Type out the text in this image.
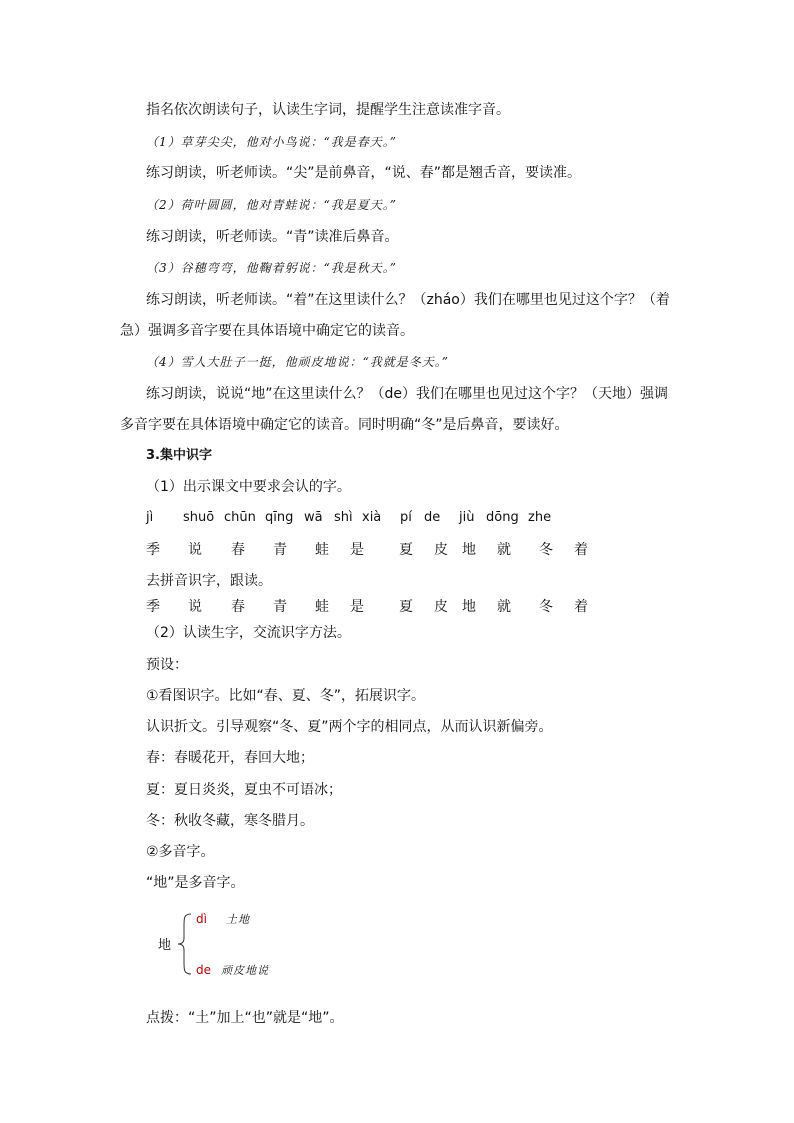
指名依次朗读句子，认读生字词，提醒学生注意读准字音。
（1）草芽尖尖，他对小鸟说：“我是春天。”
练习朗读，听老师读。“尖”是前鼻音，“说、春”都是翘舌音，要读准。
（2）荷叶圆圆，他对青蛙说：“我是夏天。”
练习朗读，听老师读。“青”读准后鼻音。
（3）谷穗弯弯，他鞠着躬说：“我是秋天。”
练习朗读，听老师读。“着”在这里读什么？（zháo）我们在哪里也见过这个字？（着
急）强调多音字要在具体语境中确定它的读音。
（4）雪人大肚子一挺，他顽皮地说：“我就是冬天。”
练习朗读，说说“地”在这里读什么？（de）我们在哪里也见过这个字？（天地）强调
多音字要在具体语境中确定它的读音。同时明确“冬”是后鼻音，要读好。
3.集中识字
（1）出示课文中要求会认的字。
jì shuō chūn qīng wā shì xià pí de jiù dōng zhe
季 说 春 青 蛙 是	夏 皮 地 就 冬 着
去拼音识字，跟读。
季 说 春 青 蛙 是	夏 皮 地 就 冬 着
（2）认读生字，交流识字方法。
预设：
①看图识字。比如“春、夏、冬”，拓展识字。
认识折文。引导观察“冬、夏”两个字的相同点，从而认识新偏旁。
春：春暖花开，春回大地；
夏：夏日炎炎，夏虫不可语冰；
冬：秋收冬藏，寒冬腊月。
②多音字。
“地”是多音字。
地
dì 土地
de 顽皮地说
点拨：“土”加上“也”就是“地”。
